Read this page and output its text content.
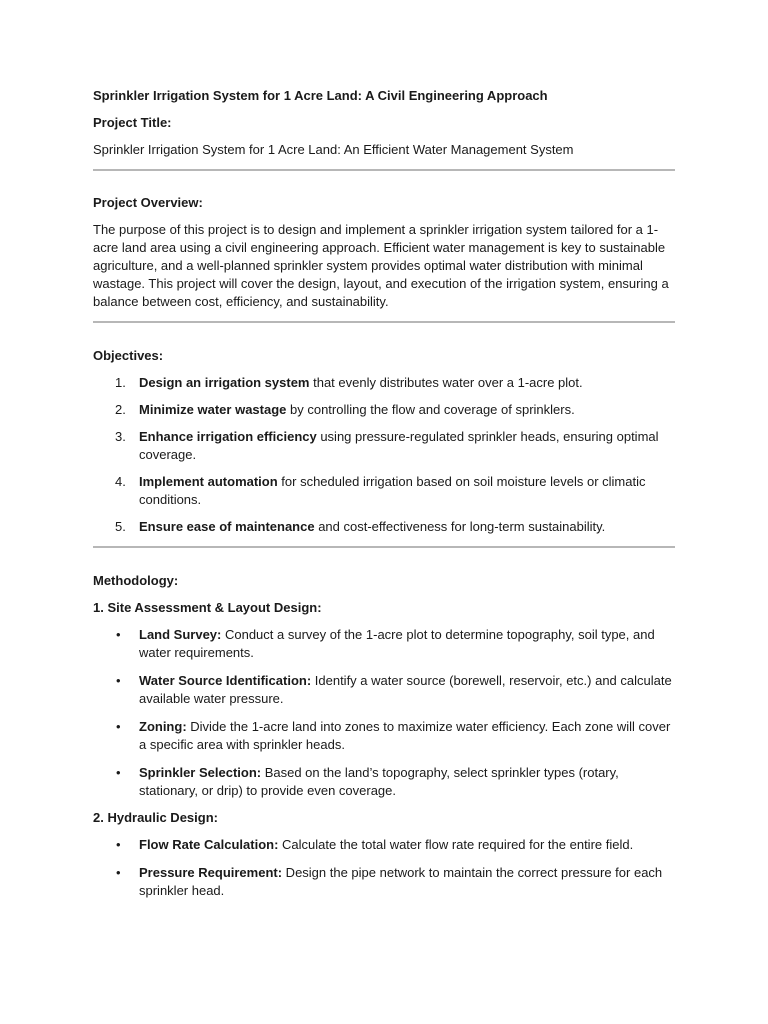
Sprinkler Irrigation System for 1 Acre Land: A Civil Engineering Approach

Project Title:

Sprinkler Irrigation System for 1 Acre Land: An Efficient Water Management System

Project Overview:

The purpose of this project is to design and implement a sprinkler irrigation system tailored for a 1-acre land area using a civil engineering approach. Efficient water management is key to sustainable agriculture, and a well-planned sprinkler system provides optimal water distribution with minimal wastage. This project will cover the design, layout, and execution of the irrigation system, ensuring a balance between cost, efficiency, and sustainability.

Objectives:

1. Design an irrigation system that evenly distributes water over a 1-acre plot.
2. Minimize water wastage by controlling the flow and coverage of sprinklers.
3. Enhance irrigation efficiency using pressure-regulated sprinkler heads, ensuring optimal coverage.
4. Implement automation for scheduled irrigation based on soil moisture levels or climatic conditions.
5. Ensure ease of maintenance and cost-effectiveness for long-term sustainability.

Methodology:

1. Site Assessment & Layout Design:

• Land Survey: Conduct a survey of the 1-acre plot to determine topography, soil type, and water requirements.
• Water Source Identification: Identify a water source (borewell, reservoir, etc.) and calculate available water pressure.
• Zoning: Divide the 1-acre land into zones to maximize water efficiency. Each zone will cover a specific area with sprinkler heads.
• Sprinkler Selection: Based on the land’s topography, select sprinkler types (rotary, stationary, or drip) to provide even coverage.

2. Hydraulic Design:

• Flow Rate Calculation: Calculate the total water flow rate required for the entire field.
• Pressure Requirement: Design the pipe network to maintain the correct pressure for each sprinkler head.
